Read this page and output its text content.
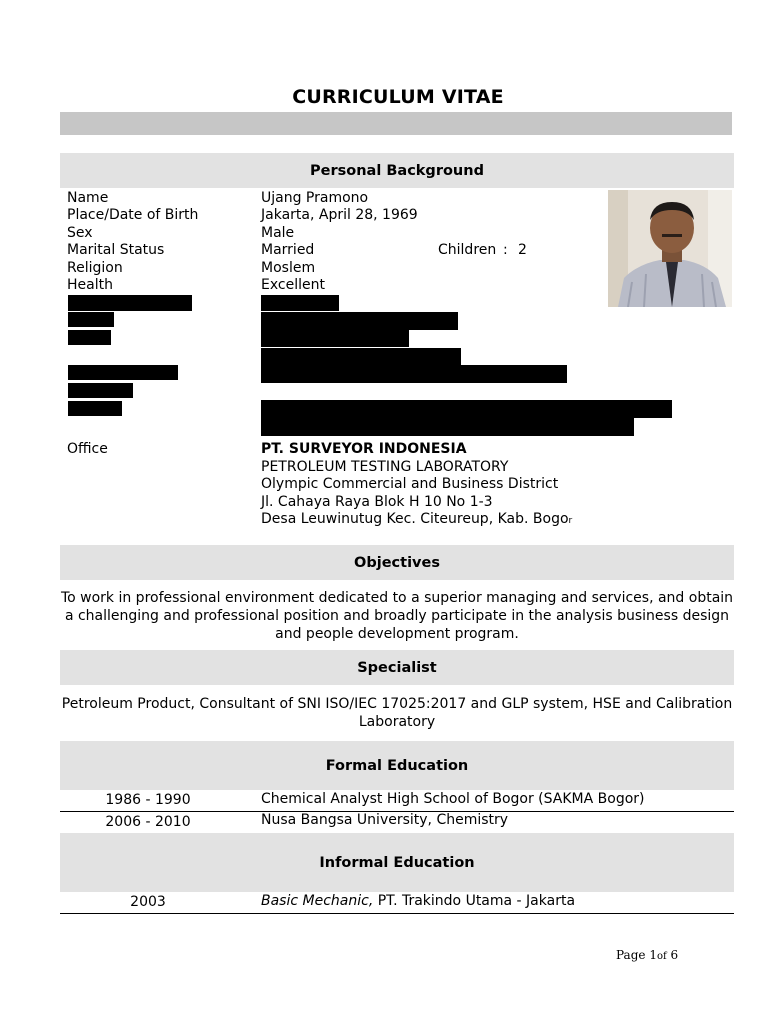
CURRICULUM VITAE
Personal Background
Name	Ujang Pramono
Place/Date of Birth	Jakarta, April 28, 1969
Sex	Male
Marital Status	Married	Children : 2
Religion	Moslem
Health	Excellent
Office	PT. SURVEYOR INDONESIA
PETROLEUM TESTING LABORATORY
Olympic Commercial and Business District
Jl. Cahaya Raya Blok H 10 No 1-3
Desa Leuwinutug Kec. Citeureup, Kab. Bogor
Objectives
To work in professional environment dedicated to a superior managing and services, and obtain
a challenging and professional position and broadly participate in the analysis business design
and people development program.
Specialist
Petroleum Product, Consultant of SNI ISO/IEC 17025:2017 and GLP system, HSE and Calibration
Laboratory
Formal Education
1986 - 1990	Chemical Analyst High School of Bogor (SAKMA Bogor)
2006 - 2010	Nusa Bangsa University, Chemistry
Informal Education
2003	Basic Mechanic, PT. Trakindo Utama - Jakarta
Page 1of 6
